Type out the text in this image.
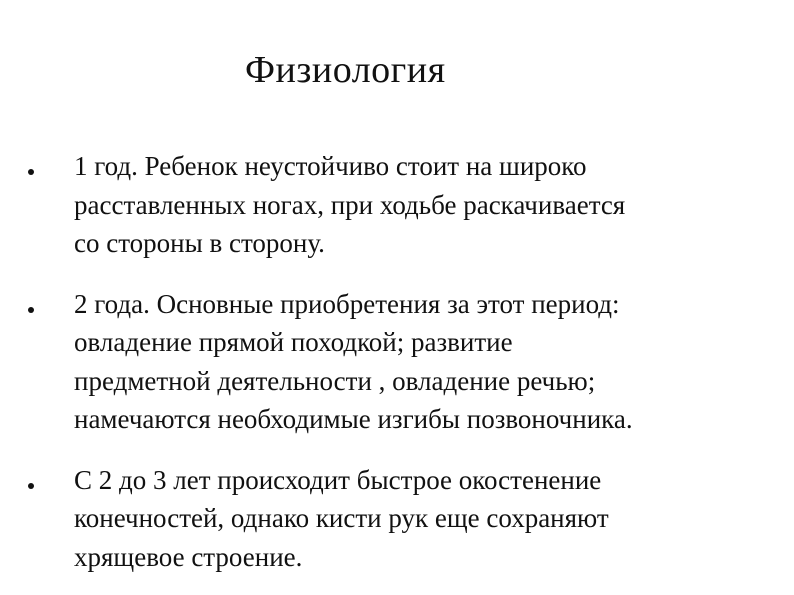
Физиология
1 год. Ребенок неустойчиво стоит на широко
расставленных ногах, при ходьбе раскачивается
со стороны в сторону.
2 года. Основные приобретения за этот период:
овладение прямой походкой; развитие
предметной деятельности , овладение речью;
намечаются необходимые изгибы позвоночника.
С 2 до 3 лет происходит быстрое окостенение
конечностей, однако кисти рук еще сохраняют
хрящевое строение.
